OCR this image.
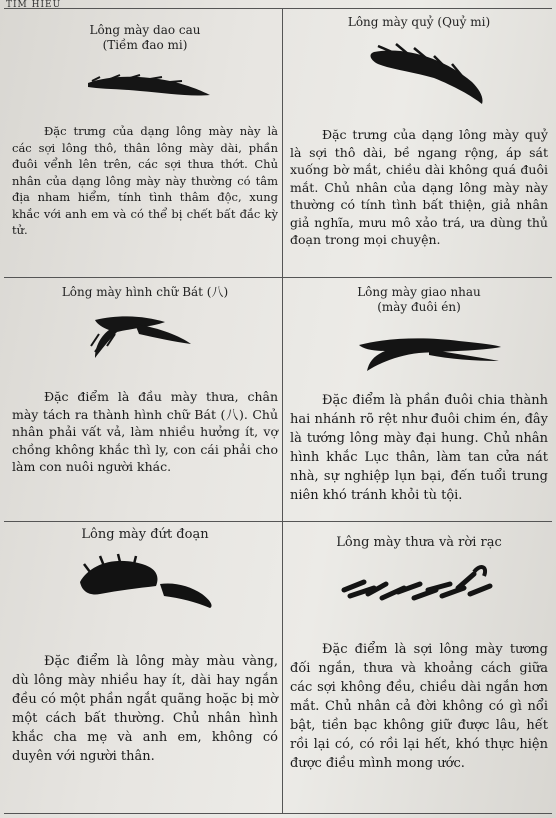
TIM HIỂU
Lông mày dao cau
(Tiềm đao mi)

Đặc trưng của dạng lông mày này là các sợi lông thô, thân lông mày dài, phần đuôi vểnh lên trên, các sợi thưa thớt. Chủ nhân của dạng lông mày này thường có tâm địa nham hiểm, tính tình thâm độc, xung khắc với anh em và có thể bị chết bất đắc kỳ tử.

Lông mày quỷ (Quỷ mi)

Đặc trưng của dạng lông mày quỷ là sợi thô dài, bề ngang rộng, áp sát xuống bờ mắt, chiều dài không quá đuôi mắt. Chủ nhân của dạng lông mày này thường có tính tình bất thiện, giả nhân giả nghĩa, mưu mô xảo trá, ưa dùng thủ đoạn trong mọi chuyện.

Lông mày hình chữ Bát (八)

Đặc điểm là đầu mày thưa, chân mày tách ra thành hình chữ Bát (八). Chủ nhân phải vất vả, làm nhiều hưởng ít, vợ chồng không khắc thì ly, con cái phải cho làm con nuôi người khác.

Lông mày giao nhau
(mày đuôi én)

Đặc điểm là phần đuôi chia thành hai nhánh rõ rệt như đuôi chim én, đây là tướng lông mày đại hung. Chủ nhân hình khắc Lục thân, làm tan cửa nát nhà, sự nghiệp lụn bại, đến tuổi trung niên khó tránh khỏi tù tội.

Lông mày đứt đoạn

Đặc điểm là lông mày màu vàng, dù lông mày nhiều hay ít, dài hay ngắn đều có một phần ngắt quãng hoặc bị mờ một cách bất thường. Chủ nhân hình khắc cha mẹ và anh em, không có duyên với người thân.

Lông mày thưa và rời rạc

Đặc điểm là sợi lông mày tương đối ngắn, thưa và khoảng cách giữa các sợi không đều, chiều dài ngắn hơn mắt. Chủ nhân cả đời không có gì nổi bật, tiền bạc không giữ được lâu, hết rồi lại có, có rồi lại hết, khó thực hiện được điều mình mong ước.
